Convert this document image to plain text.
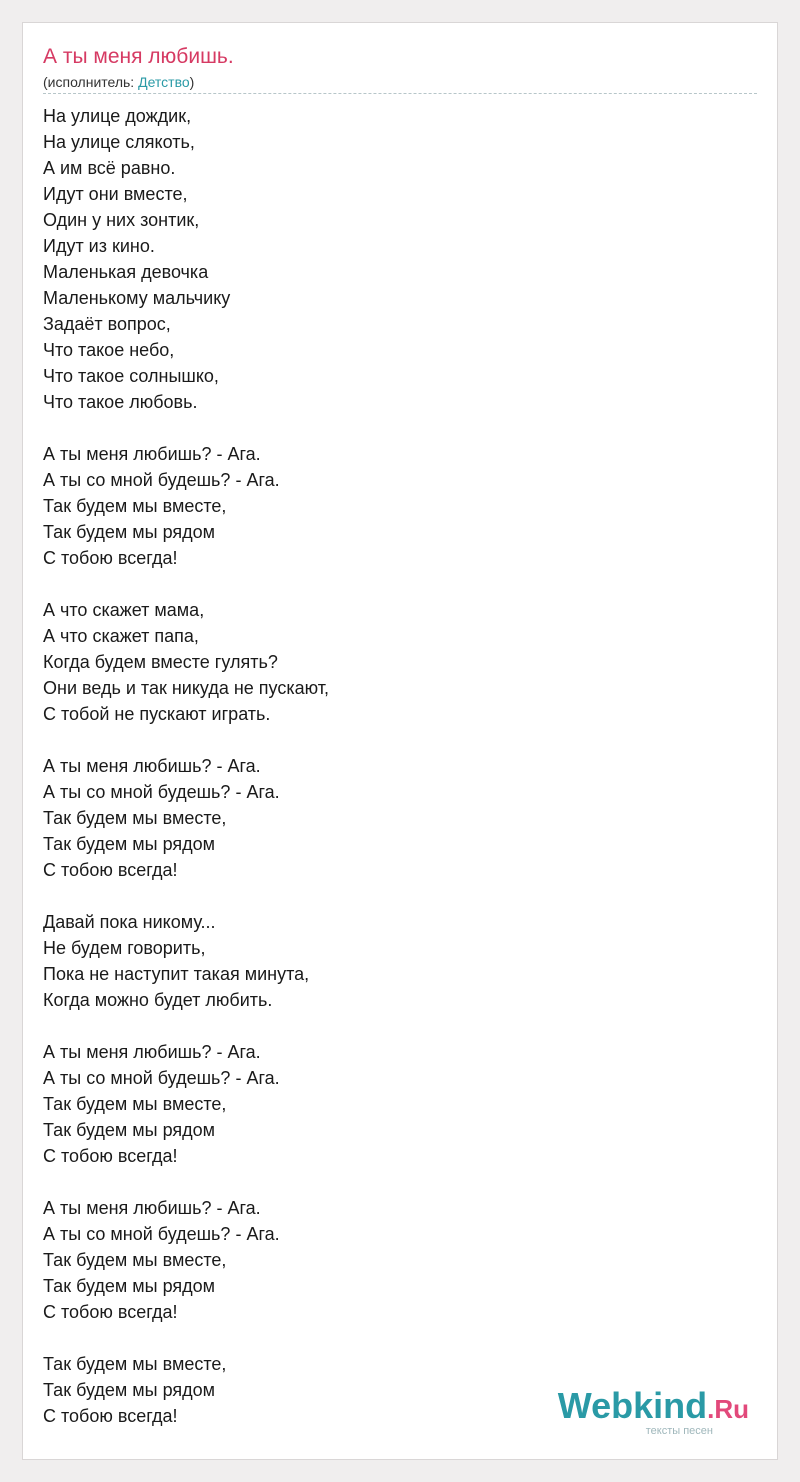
А ты меня любишь.
(исполнитель: Детство)
На улице дождик,
На улице слякоть,
А им всё равно.
Идут они вместе,
Один у них зонтик,
Идут из кино.
Маленькая девочка
Маленькому мальчику
Задаёт вопрос,
Что такое небо,
Что такое солнышко,
Что такое любовь.
А ты меня любишь? - Ага.
А ты со мной будешь? - Ага.
Так будем мы вместе,
Так будем мы рядом
С тобою всегда!
А что скажет мама,
А что скажет папа,
Когда будем вместе гулять?
Они ведь и так никуда не пускают,
С тобой не пускают играть.
А ты меня любишь? - Ага.
А ты со мной будешь? - Ага.
Так будем мы вместе,
Так будем мы рядом
С тобою всегда!
Давай пока никому...
Не будем говорить,
Пока не наступит такая минута,
Когда можно будет любить.
А ты меня любишь? - Ага.
А ты со мной будешь? - Ага.
Так будем мы вместе,
Так будем мы рядом
С тобою всегда!
А ты меня любишь? - Ага.
А ты со мной будешь? - Ага.
Так будем мы вместе,
Так будем мы рядом
С тобою всегда!
Так будем мы вместе,
Так будем мы рядом
С тобою всегда!	Webkind.Ru
тексты песен
